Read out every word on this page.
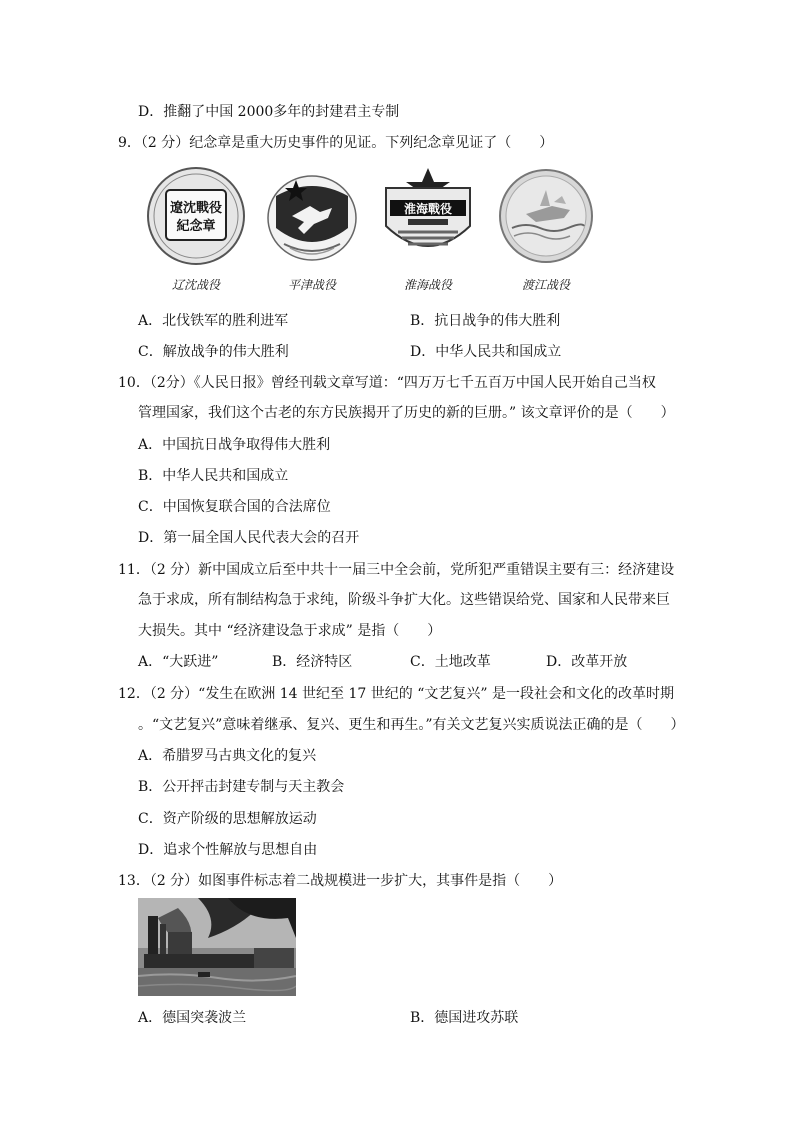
D．推翻了中国 2000多年的封建君主专制
9．（2 分）纪念章是重大历史事件的见证。下列纪念章见证了（　　）
遼沈戰役
紀念章
淮海戰役
辽沈战役	平津战役	淮海战役	渡江战役
A．北伐铁军的胜利进军	B．抗日战争的伟大胜利
C．解放战争的伟大胜利	D．中华人民共和国成立
10．（2分）《人民日报》曾经刊载文章写道：“四万万七千五百万中国人民开始自己当权
管理国家，我们这个古老的东方民族揭开了历史的新的巨册。” 该文章评价的是（　　）
A．中国抗日战争取得伟大胜利
B．中华人民共和国成立
C．中国恢复联合国的合法席位
D．第一届全国人民代表大会的召开
11．（2 分）新中国成立后至中共十一届三中全会前，党所犯严重错误主要有三：经济建设
急于求成，所有制结构急于求纯，阶级斗争扩大化。这些错误给党、国家和人民带来巨
大损失。其中 “经济建设急于求成” 是指（　　）
A．“大跃进”	B．经济特区	C．土地改革	D．改革开放
12．（2 分）“发生在欧洲 14 世纪至 17 世纪的 “文艺复兴” 是一段社会和文化的改革时期
。“文艺复兴”意味着继承、复兴、更生和再生。”有关文艺复兴实质说法正确的是（　　）
A．希腊罗马古典文化的复兴
B．公开抨击封建专制与天主教会
C．资产阶级的思想解放运动
D．追求个性解放与思想自由
13．（2 分）如图事件标志着二战规模进一步扩大，其事件是指（　　）
A．德国突袭波兰	B．德国进攻苏联
